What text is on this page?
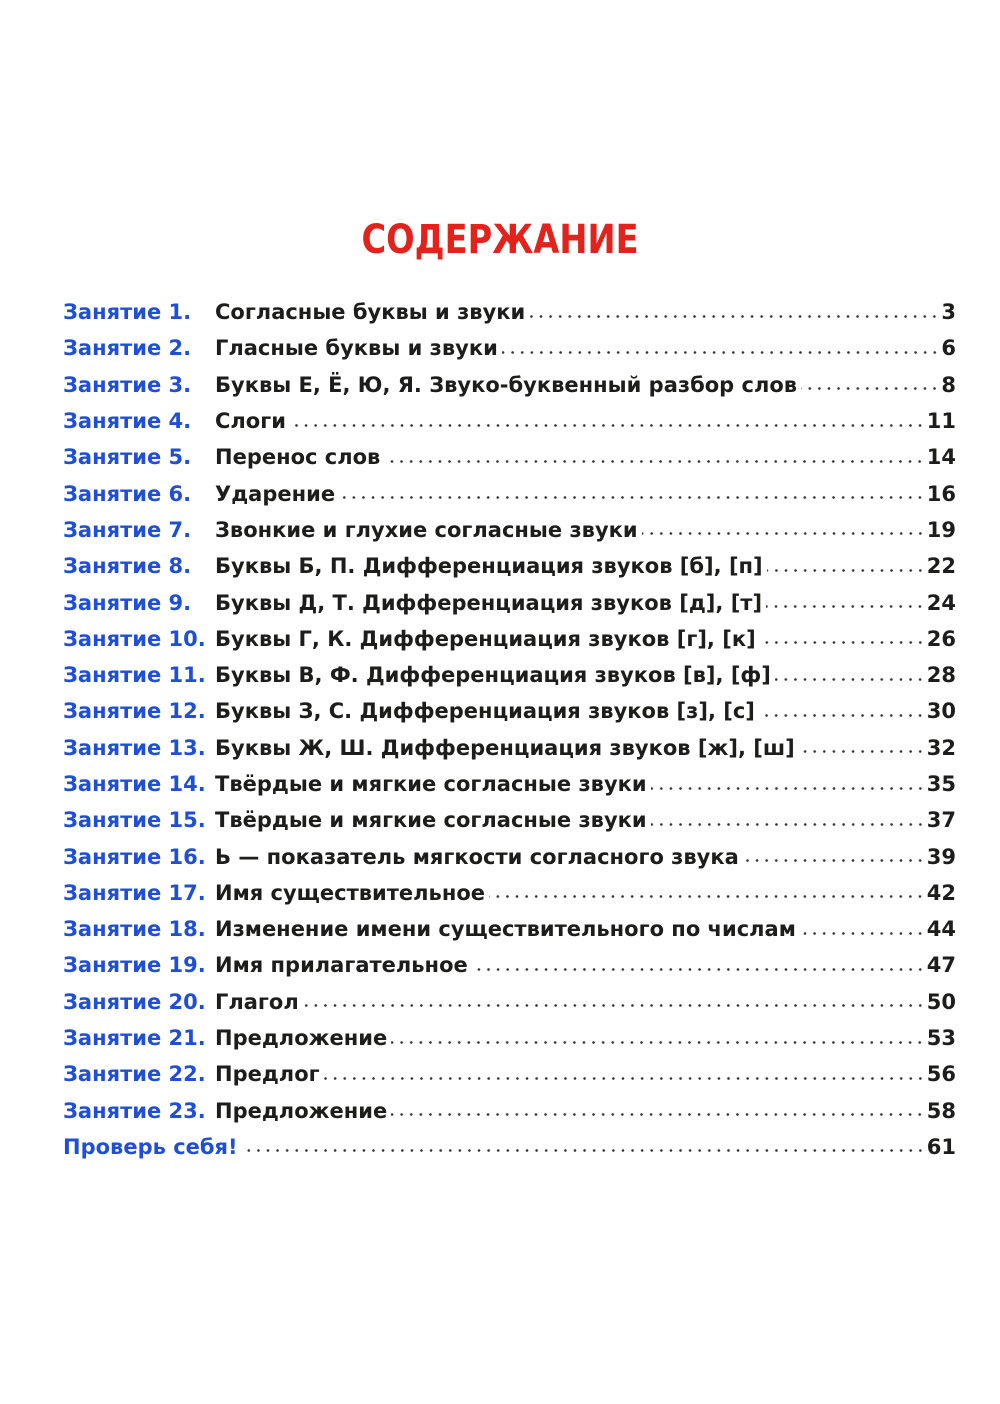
СОДЕРЖАНИЕ
Занятие 1.	Согласные буквы и звуки	3
Занятие 2.	Гласные буквы и звуки	6
Занятие 3.	Буквы Е, Ё, Ю, Я. Звуко-буквенный разбор слов	8
Занятие 4.	Слоги	11
Занятие 5.	Перенос слов	14
Занятие 6.	Ударение	16
Занятие 7.	Звонкие и глухие согласные звуки	19
Занятие 8.	Буквы Б, П. Дифференциация звуков [б], [п]	22
Занятие 9.	Буквы Д, Т. Дифференциация звуков [д], [т]	24
Занятие 10. Буквы Г, К. Дифференциация звуков [г], [к]	26
Занятие 11. Буквы В, Ф. Дифференциация звуков [в], [ф]	28
Занятие 12. Буквы З, С. Дифференциация звуков [з], [с]	30
Занятие 13. Буквы Ж, Ш. Дифференциация звуков [ж], [ш]	32
Занятие 14. Твёрдые и мягкие согласные звуки	35
Занятие 15. Твёрдые и мягкие согласные звуки	37
Занятие 16. Ь — показатель мягкости согласного звука	39
Занятие 17. Имя существительное	42
Занятие 18. Изменение имени существительного по числам	44
Занятие 19. Имя прилагательное	47
Занятие 20. Глагол	50
Занятие 21. Предложение	53
Занятие 22. Предлог	56
Занятие 23. Предложение	58
Проверь себя!	61
